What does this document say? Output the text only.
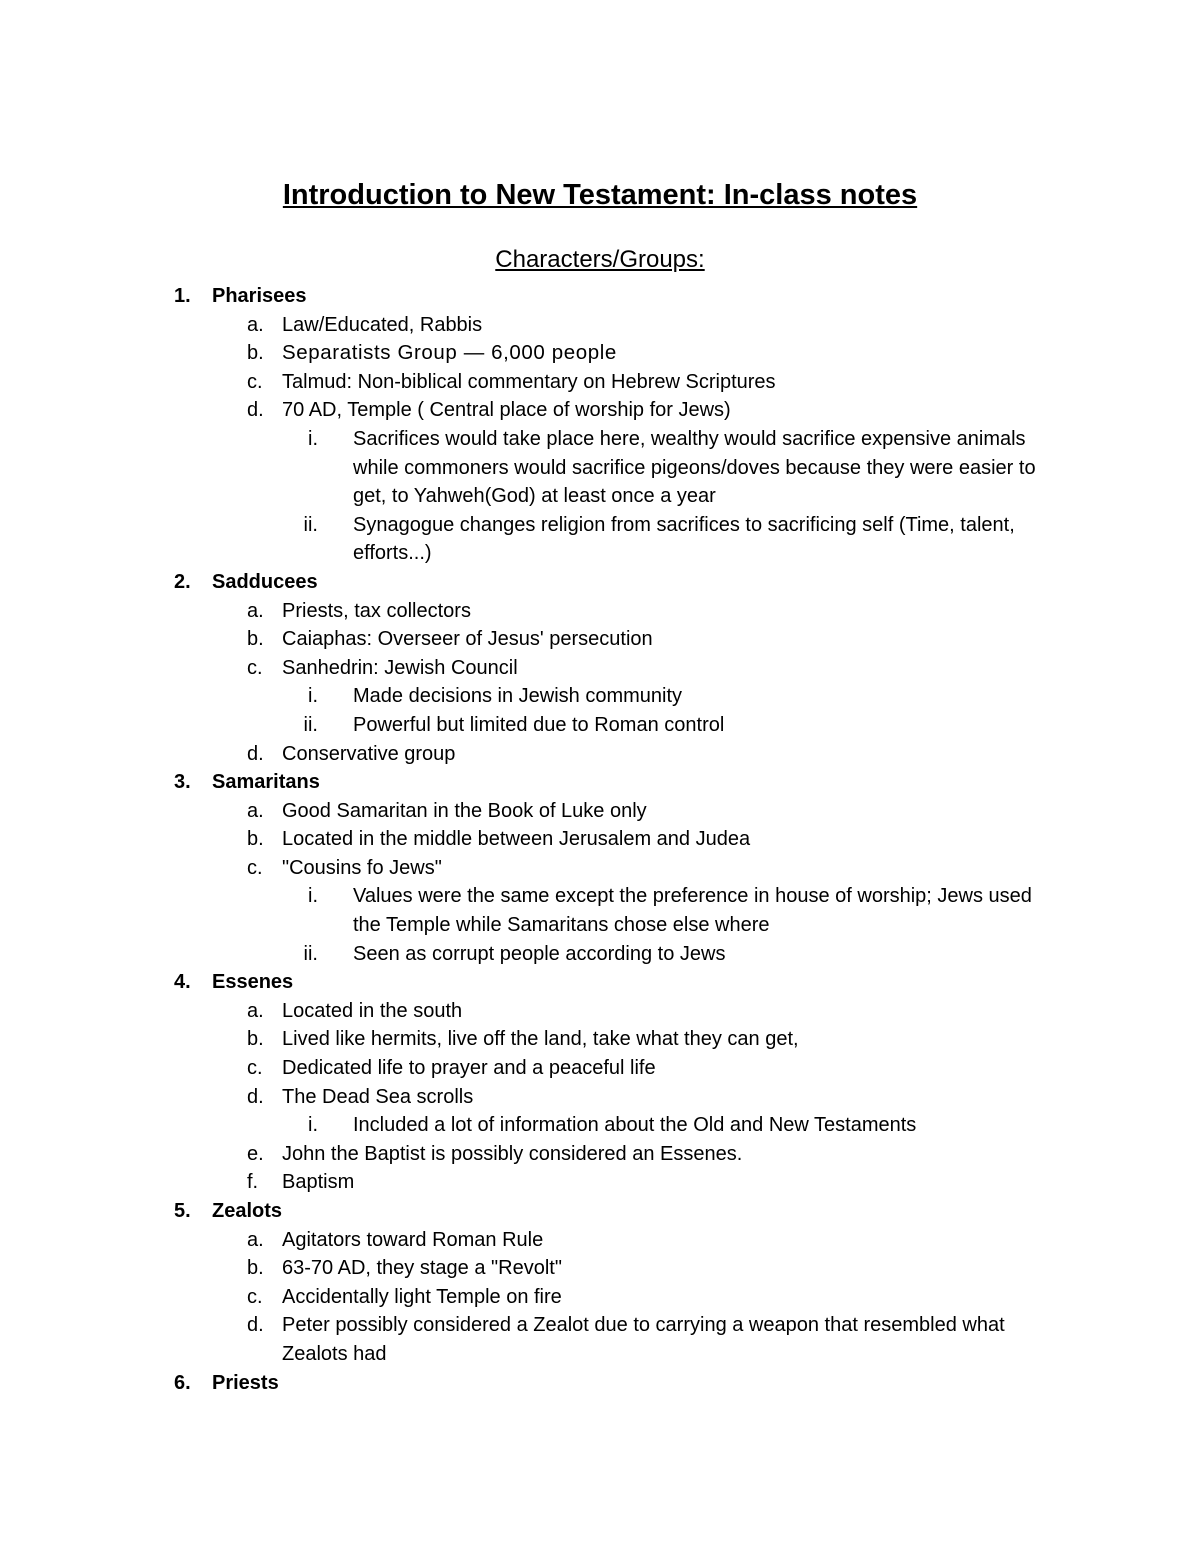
Introduction to New Testament: In-class notes
Characters/Groups:
1. Pharisees
a. Law/Educated, Rabbis
b. Separatists Group — 6,000 people
c. Talmud: Non-biblical commentary on Hebrew Scriptures
d. 70 AD, Temple ( Central place of worship for Jews)
i. Sacrifices would take place here, wealthy would sacrifice expensive animals while commoners would sacrifice pigeons/doves because they were easier to get, to Yahweh(God) at least once a year
ii. Synagogue changes religion from sacrifices to sacrificing self (Time, talent, efforts...)
2. Sadducees
a. Priests, tax collectors
b. Caiaphas: Overseer of Jesus' persecution
c. Sanhedrin: Jewish Council
i. Made decisions in Jewish community
ii. Powerful but limited due to Roman control
d. Conservative group
3. Samaritans
a. Good Samaritan in the Book of Luke only
b. Located in the middle between Jerusalem and Judea
c. "Cousins fo Jews"
i. Values were the same except the preference in house of worship; Jews used the Temple while Samaritans chose else where
ii. Seen as corrupt people according to Jews
4. Essenes
a. Located in the south
b. Lived like hermits, live off the land, take what they can get,
c. Dedicated life to prayer and a peaceful life
d. The Dead Sea scrolls
i. Included a lot of information about the Old and New Testaments
e. John the Baptist is possibly considered an Essenes.
f. Baptism
5. Zealots
a. Agitators toward Roman Rule
b. 63-70 AD, they stage a "Revolt"
c. Accidentally light Temple on fire
d. Peter possibly considered a Zealot due to carrying a weapon that resembled what Zealots had
6. Priests
